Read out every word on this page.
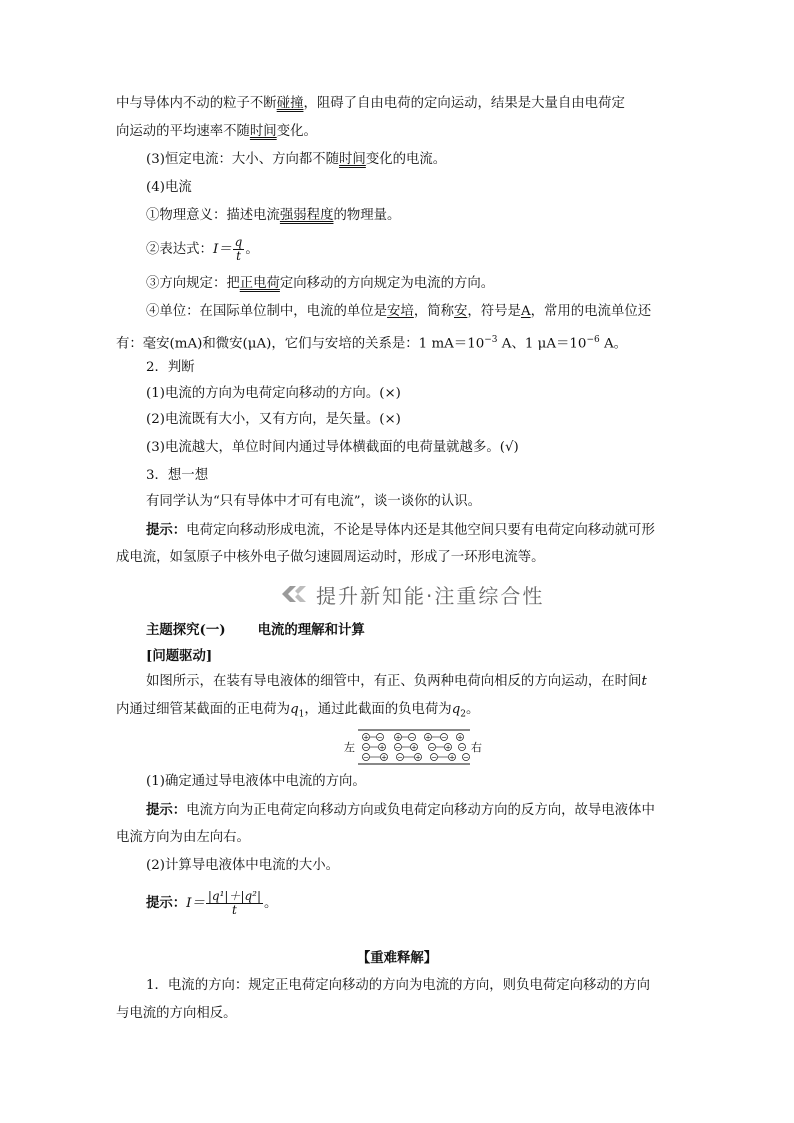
中与导体内不动的粒子不断碰撞，阻碍了自由电荷的定向运动，结果是大量自由电荷定
向运动的平均速率不随时间变化。
(3)恒定电流：大小、方向都不随时间变化的电流。
(4)电流
①物理意义：描述电流强弱程度的物理量。
②表达式：$I= \frac{q}{t}$ 。
③方向规定：把正电荷定向移动的方向规定为电流的方向。
④单位：在国际单位制中，电流的单位是安培，简称安，符号是A，常用的电流单位还
有：毫安(mA)和微安(μA)，它们与安培的关系是：1 $mA=10^{-3}$ A、1 $\mu A=10^{-6}$ A。
2．判断
(1)电流的方向为电荷定向移动的方向。(×)
(2)电流既有大小，又有方向，是矢量。(×)
(3)电流越大，单位时间内通过导体横截面的电荷量就越多。(√)
3．想一想
有同学认为“只有导体中才可有电流”，谈一谈你的认识。
提示：电荷定向移动形成电流，不论是导体内还是其他空间只要有电荷定向移动就可形
成电流，如氢原子中核外电子做匀速圆周运动时，形成了一环形电流等。
提升新知能·注重综合性
主题探究(一) 电流的理解和计算
[问题驱动]
如图所示，在装有导电液体的细管中，有正、负两种电荷向相反的方向运动，在时间t
内通过细管某截面的正电荷为$q_1$，通过此截面的负电荷为$q_2$。
+ − + − + − +
− + − + − + −
− + − + − + −
左	右
(1)确定通过导电液体中电流的方向。
提示：电流方向为正电荷定向移动方向或负电荷定向移动方向的反方向，故导电液体中
电流方向为由左向右。
(2)计算导电液体中电流的大小。
提示：$I= \frac{\text{|q¹|＋|q²|}}{t}$ 。
【重难释解】
1．电流的方向：规定正电荷定向移动的方向为电流的方向，则负电荷定向移动的方向
与电流的方向相反。
